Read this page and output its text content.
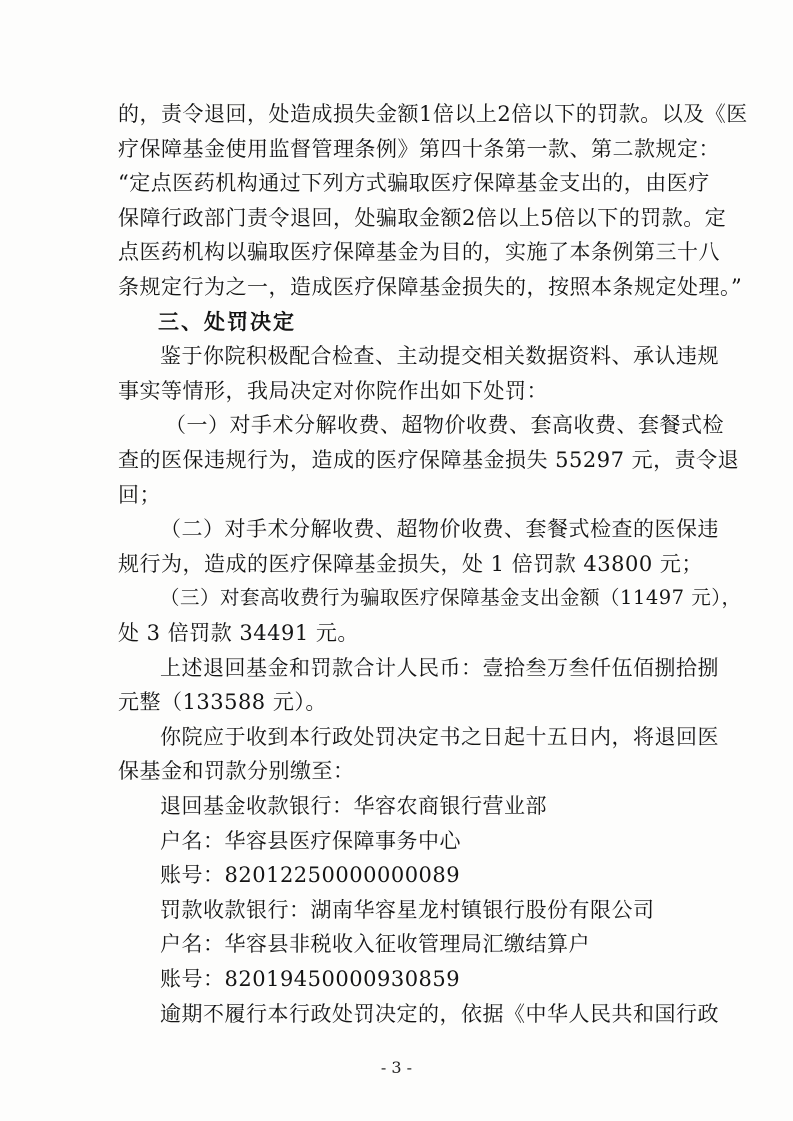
的，责令退回，处造成损失金额1倍以上2倍以下的罚款。以及《医
疗保障基金使用监督管理条例》第四十条第一款、第二款规定：
“定点医药机构通过下列方式骗取医疗保障基金支出的，由医疗
保障行政部门责令退回，处骗取金额2倍以上5倍以下的罚款。定
点医药机构以骗取医疗保障基金为目的，实施了本条例第三十八
条规定行为之一，造成医疗保障基金损失的，按照本条规定处理。”
三、处罚决定
鉴于你院积极配合检查、主动提交相关数据资料、承认违规
事实等情形，我局决定对你院作出如下处罚：
（一）对手术分解收费、超物价收费、套高收费、套餐式检
查的医保违规行为，造成的医疗保障基金损失 55297 元，责令退
回；
（二）对手术分解收费、超物价收费、套餐式检查的医保违
规行为，造成的医疗保障基金损失，处 1 倍罚款 43800 元；
（三）对套高收费行为骗取医疗保障基金支出金额（11497 元），
处 3 倍罚款 34491 元。
上述退回基金和罚款合计人民币：壹拾叁万叁仟伍佰捌拾捌
元整（133588 元）。
你院应于收到本行政处罚决定书之日起十五日内，将退回医
保基金和罚款分别缴至：
退回基金收款银行：华容农商银行营业部
户名：华容县医疗保障事务中心
账号：82012250000000089
罚款收款银行：湖南华容星龙村镇银行股份有限公司
户名：华容县非税收入征收管理局汇缴结算户
账号：82019450000930859
逾期不履行本行政处罚决定的，依据《中华人民共和国行政
- 3 -
